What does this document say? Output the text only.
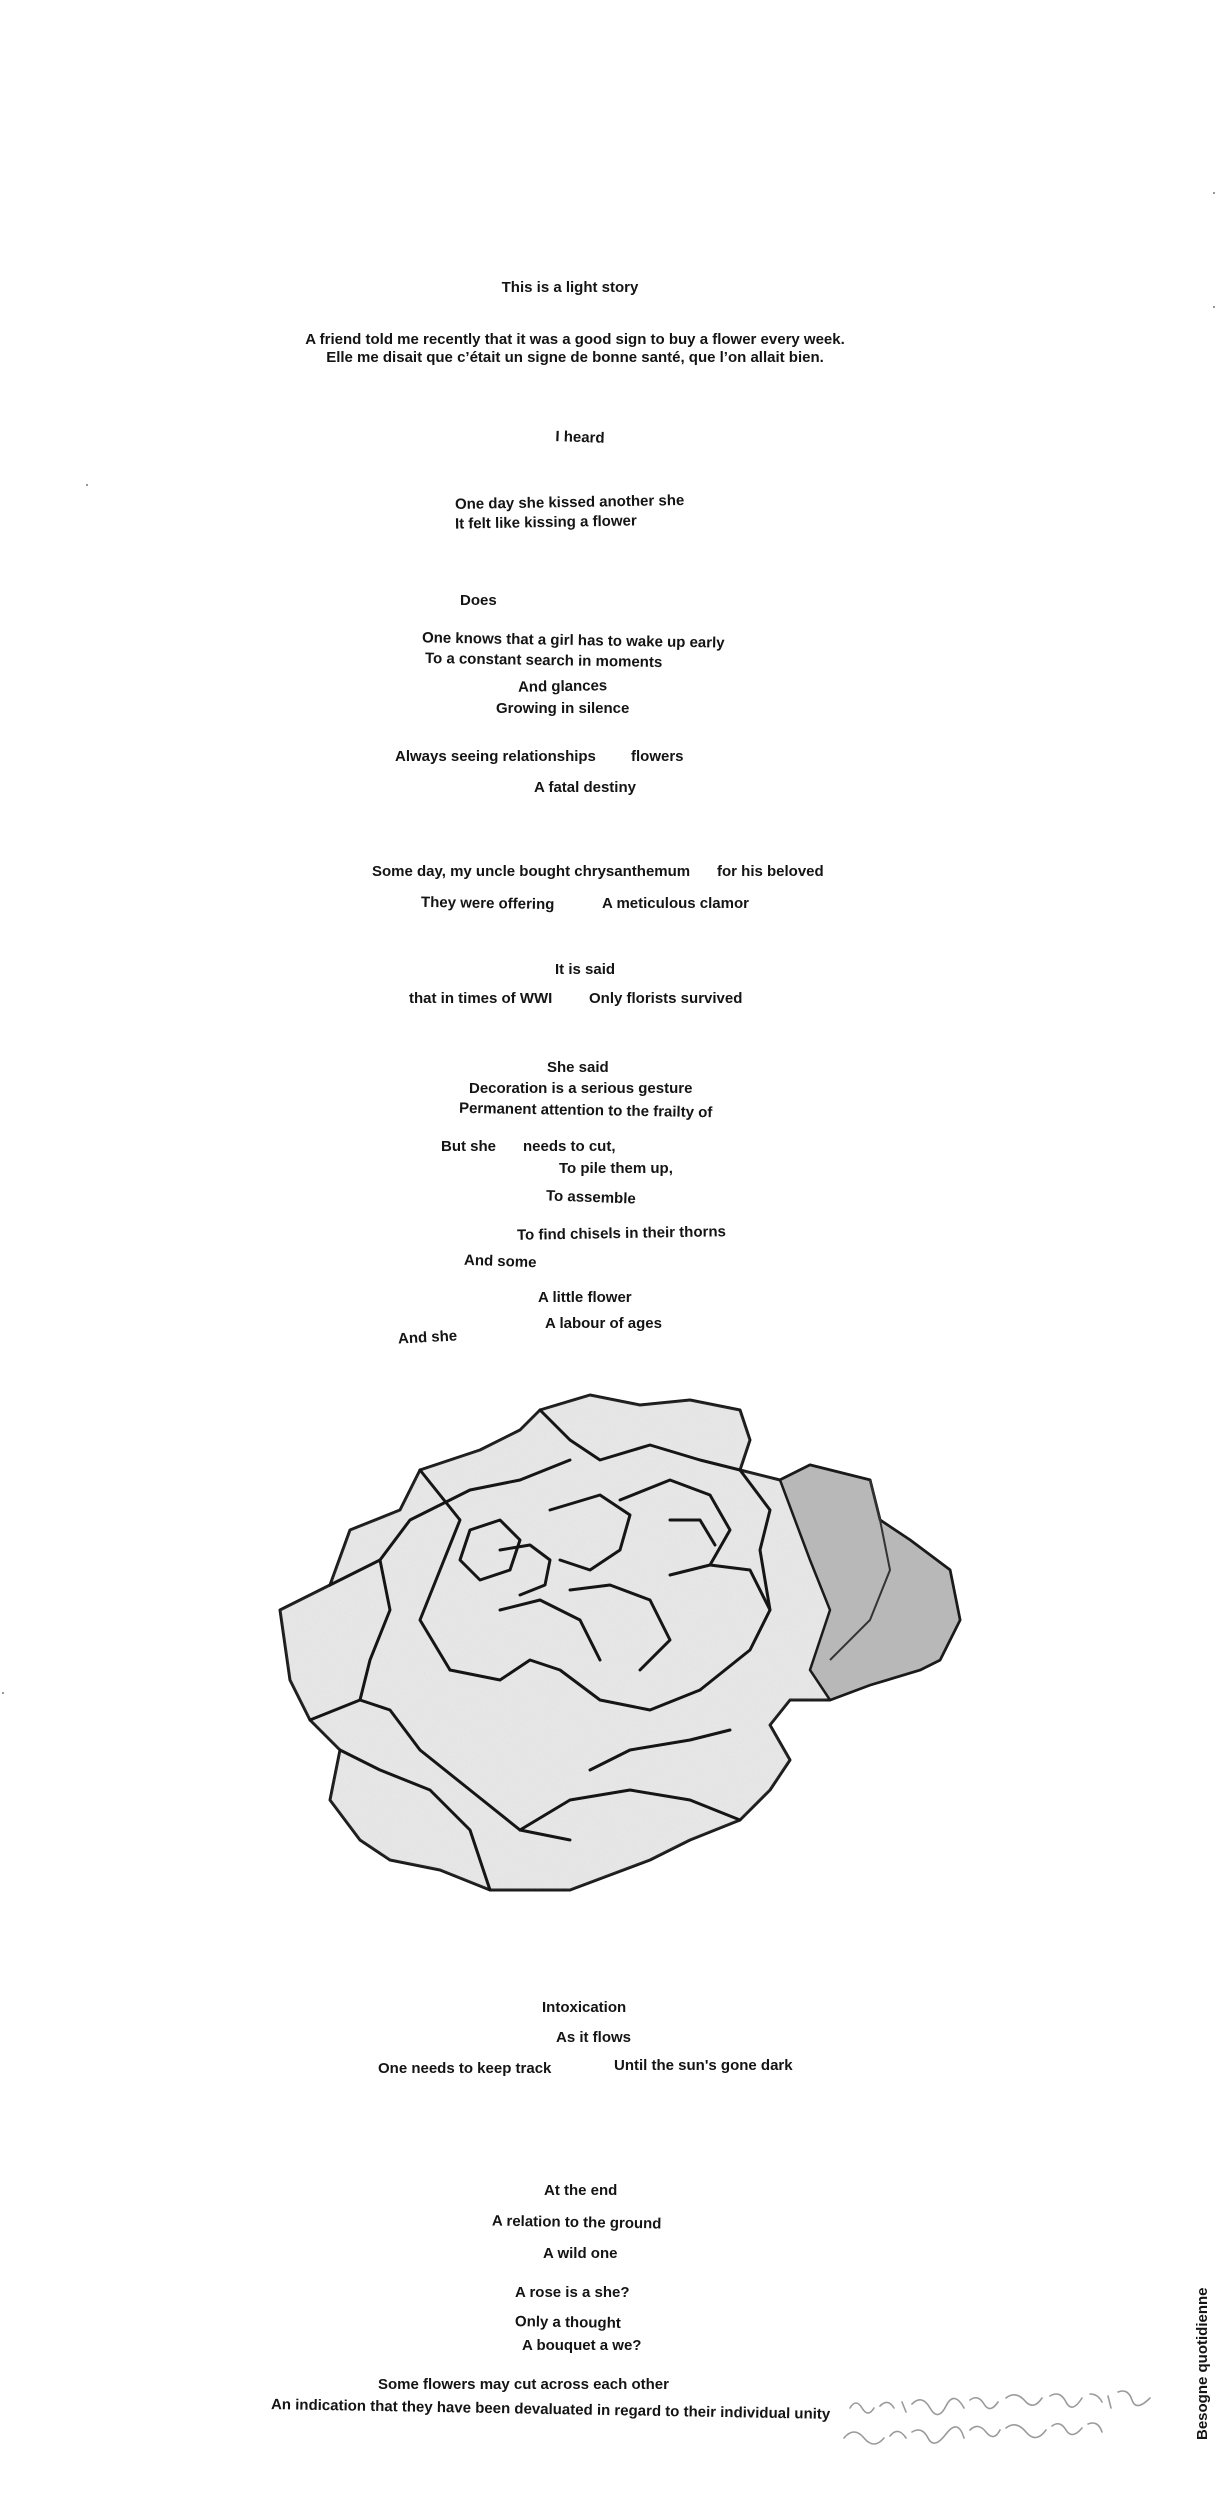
This is a light story
A friend told me recently that it was a good sign to buy a flower every week.
Elle me disait que c’était un signe de bonne santé, que l’on allait bien.
I heard
One day she kissed another she
It felt like kissing a flower
Does
One knows that a girl has to wake up early
To a constant search in moments
And glances
Growing in silence
Always seeing relationships flowers
A fatal destiny
Some day, my uncle bought chrysanthemum for his beloved
They were offering	A meticulous clamor
It is said
that in times of WWI Only florists survived
She said
Decoration is a serious gesture
Permanent attention to the frailty of
But she needs to cut,
To pile them up,
To assemble
To find chisels in their thorns
And some
A little flower
A labour of ages
And she
Intoxication
As it flows
One needs to keep track	Until the sun's gone dark
At the end
A relation to the ground
A wild one
A rose is a she?
Only a thought
A bouquet a we?
Some flowers may cut across each other
An indication that they have been devaluated in regard to their individual unity	Besogne quotidienne
